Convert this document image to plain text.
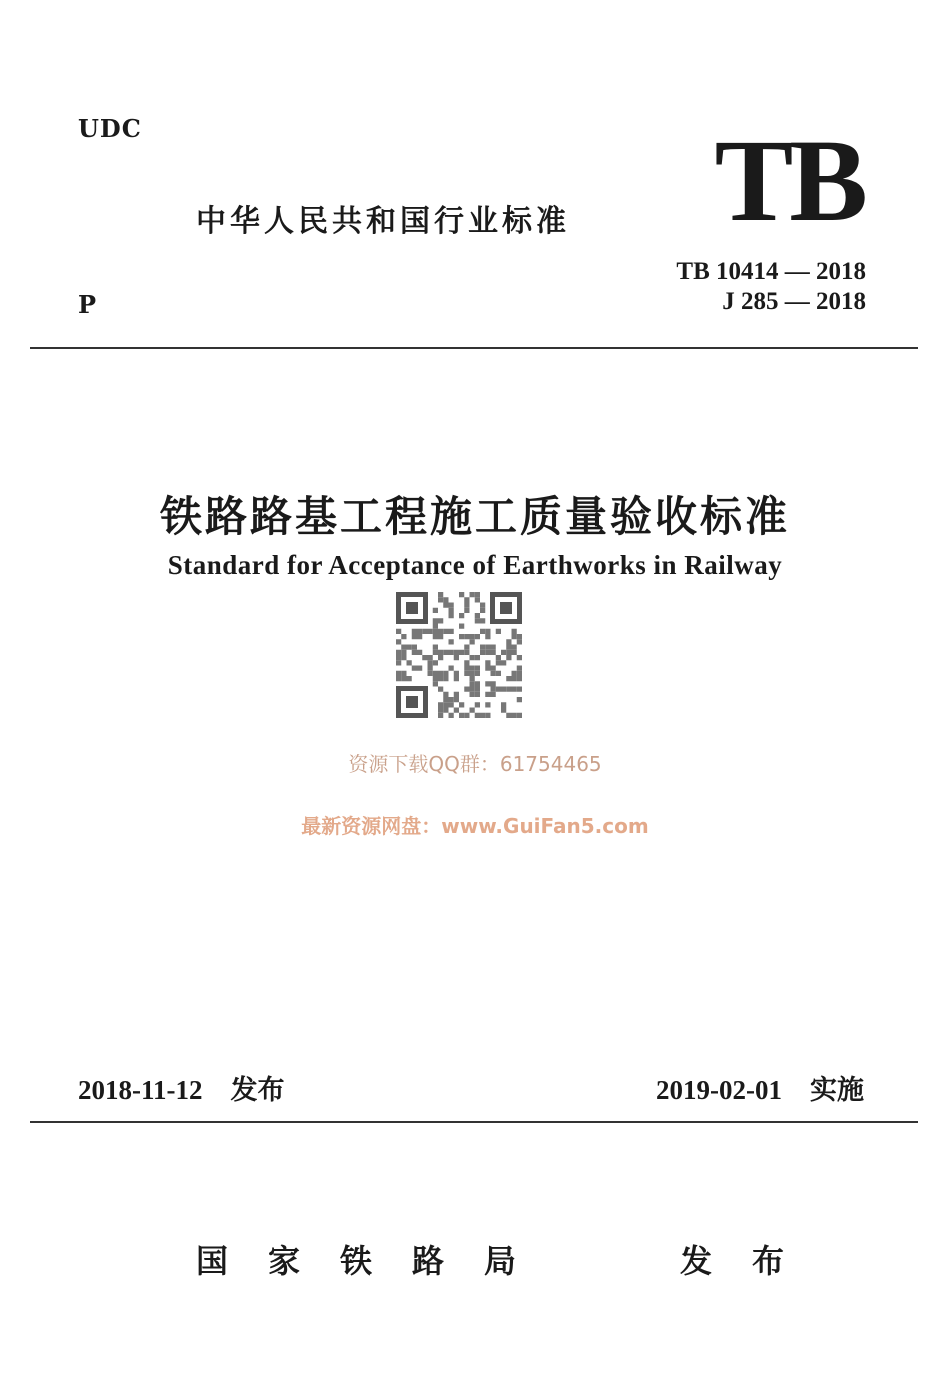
UDC
P
TB
中华人民共和国行业标准
TB 10414 — 2018
J 285 — 2018
铁路路基工程施工质量验收标准
Standard for Acceptance of Earthworks in Railway
资源下载QQ群：61754465
最新资源网盘：www.GuiFan5.com
2018-11-12 发布	2019-02-01 实施
国家铁路局	发布
